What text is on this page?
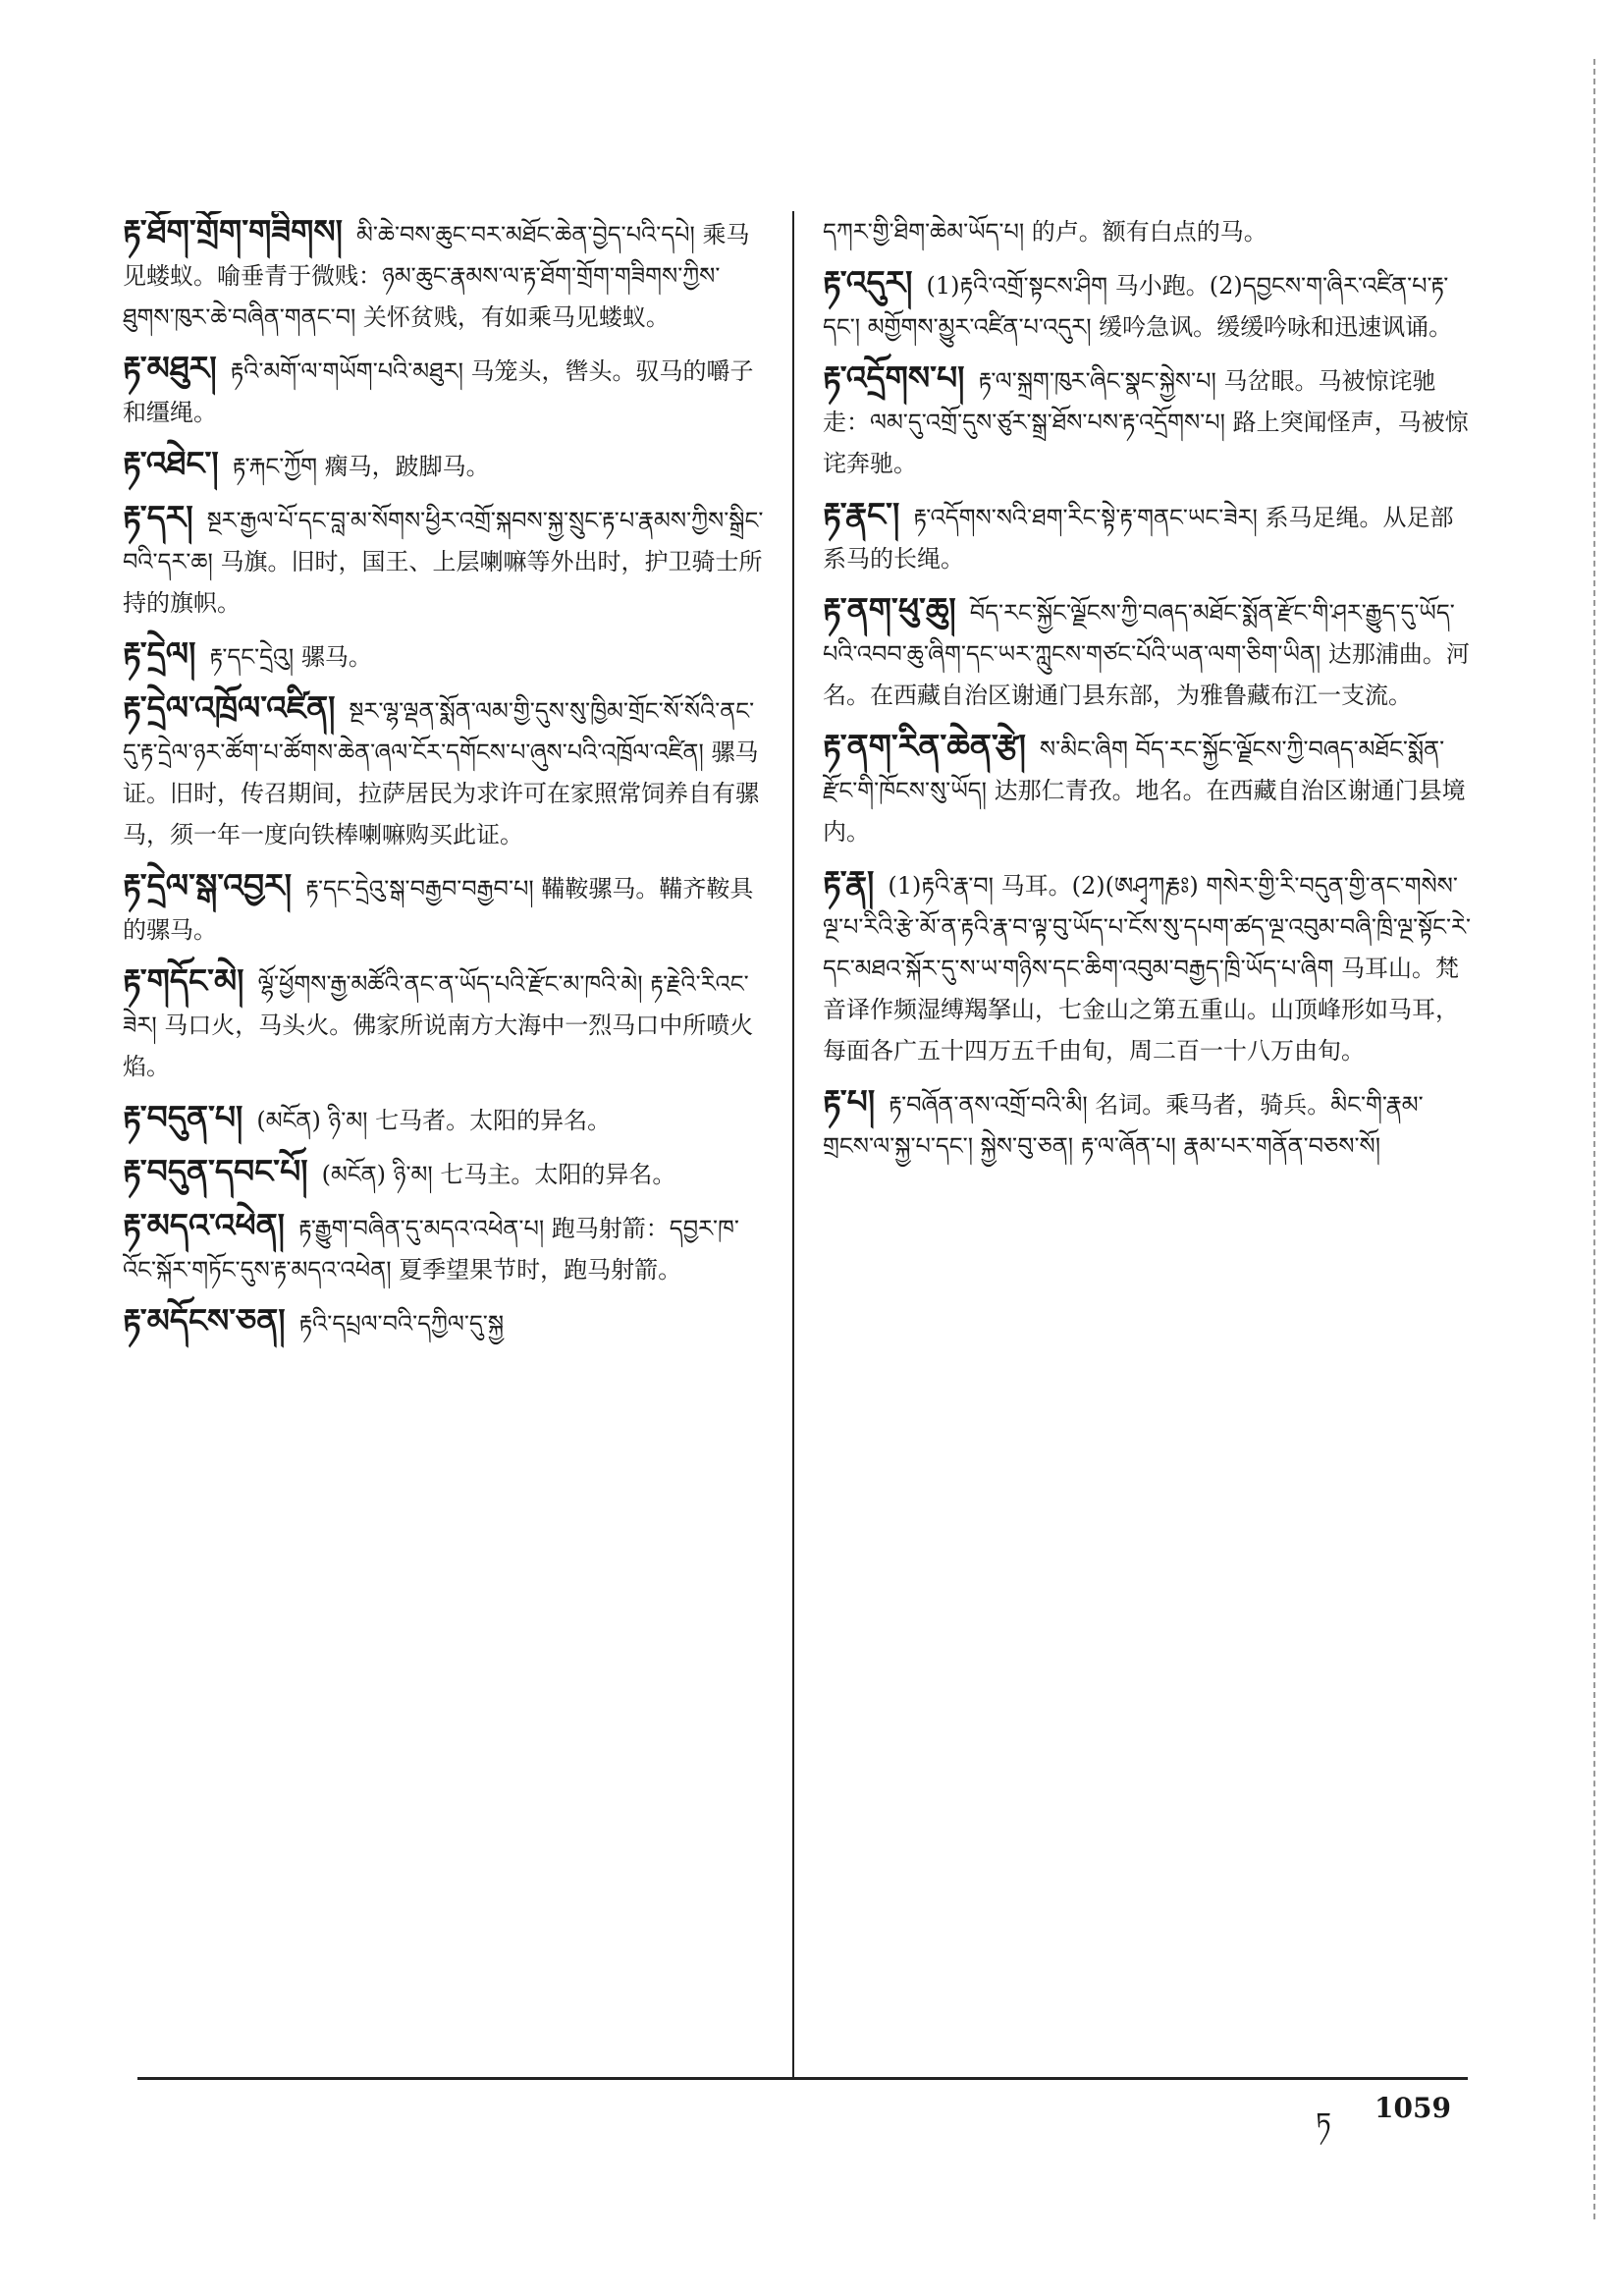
རྟ་ཐོག་གྲོག་གཟིགས། མི་ཆེ་བས་ཆུང་བར་མཐོང་ཆེན་བྱེད་པའི་དཔེ། 乘马见蝼蚁。喻垂青于微贱：ཉམ་ཆུང་རྣམས་ལ་རྟ་ཐོག་གྲོག་གཟིགས་ཀྱིས་ཐུགས་ཁུར་ཆེ་བཞིན་གནང་བ། 关怀贫贱，有如乘马见蝼蚁。
རྟ་མཐུར། རྟའི་མགོ་ལ་གཡོག་པའི་མཐུར། 马笼头，辔头。驭马的嚼子和缰绳。
རྟ་འཐེང་། རྟ་རྐང་ཀྱོག 瘸马，跛脚马。
རྟ་དར། སྔར་རྒྱལ་པོ་དང་བླ་མ་སོགས་ཕྱིར་འགྲོ་སྐབས་སྐྱ་སྲུང་རྟ་པ་རྣམས་ཀྱིས་སྒྲིང་བའི་དར་ཆ། 马旗。旧时，国王、上层喇嘛等外出时，护卫骑士所持的旗帜。
རྟ་དྲེལ། རྟ་དང་དྲེའུ། 骡马。
རྟ་དྲེལ་འཁྲོལ་འཛིན། སྔར་ལྷ་ལྡན་སྨོན་ལམ་གྱི་དུས་སུ་ཁྱིམ་གྲོང་སོ་སོའི་ནང་དུ་རྟ་དྲེལ་ཉར་ཚོག་པ་ཚོགས་ཆེན་ཞལ་ངོར་དགོངས་པ་ཞུས་པའི་འཁྲོལ་འཛིན། 骡马证。旧时，传召期间，拉萨居民为求许可在家照常饲养自有骡马，须一年一度向铁棒喇嘛购买此证。
རྟ་དྲེལ་སྒ་འབྱར། རྟ་དང་དྲེའུ་སྒ་བརྒྱབ་བརྒྱབ་པ། 鞴鞍骡马。鞴齐鞍具的骡马。
རྟ་གདོང་མེ། ལྷོ་ཕྱོགས་རྒྱ་མཚོའི་ནང་ན་ཡོད་པའི་རྫོང་མ་ཁའི་མེ། རྟ་རྗེའི་རིའང་ཟེར། 马口火，马头火。佛家所说南方大海中一烈马口中所喷火焰。
རྟ་བདུན་པ། (མངོན) ཉི་མ། 七马者。太阳的异名。
རྟ་བདུན་དབང་པོ། (མངོན) ཉི་མ། 七马主。太阳的异名。
རྟ་མདའ་འཕེན། རྟ་རྒྱུག་བཞིན་དུ་མདའ་འཕེན་པ། 跑马射箭：དབྱར་ཁ་འོང་སྐོར་གཏོང་དུས་རྟ་མདའ་འཕེན། 夏季望果节时，跑马射箭。
རྟ་མདོངས་ཅན། རྟའི་དཔྲལ་བའི་དཀྱིལ་དུ་སྐྱ
དཀར་གྱི་ཐིག་ཆེམ་ཡོད་པ། 的卢。额有白点的马。
རྟ་འདུར། (1)རྟའི་འགྲོ་སྟངས་ཤིག 马小跑。(2)དབྱངས་ག་ཞིར་འཛིན་པ་རྟ་དང་། མགྱོགས་མྱུར་འཛིན་པ་འདུར། 缓吟急讽。缓缓吟咏和迅速讽诵。
རྟ་འདྲོགས་པ། རྟ་ལ་སྐྲག་ཁུར་ཞིང་སྣང་སྐྱེས་པ། 马岔眼。马被惊诧驰走：ལམ་དུ་འགྲོ་དུས་ཙུར་སྒྲ་ཐོས་པས་རྟ་འདྲོགས་པ། 路上突闻怪声，马被惊诧奔驰。
རྟ་རྣང་། རྟ་འདོགས་སའི་ཐག་རིང་སྟེ་རྟ་གནང་ཡང་ཟེར། 系马足绳。从足部系马的长绳。
རྟ་ནག་ཕུ་ཆུ། བོད་རང་སྐྱོང་ལྗོངས་ཀྱི་བཞད་མཐོང་སྨོན་རྫོང་གི་ཤར་རྒྱུད་དུ་ཡོད་པའི་འབབ་ཆུ་ཞིག་དང་ཡར་ཀླུངས་གཙང་པོའི་ཡན་ལག་ཅིག་ཡིན། 达那浦曲。河名。在西藏自治区谢通门县东部，为雅鲁藏布江一支流。
རྟ་ནག་རིན་ཆེན་རྩེ། ས་མིང་ཞིག བོད་རང་སྐྱོང་ལྗོངས་ཀྱི་བཞད་མཐོང་སྨོན་རྫོང་གི་ཁོངས་སུ་ཡོད། 达那仁青孜。地名。在西藏自治区谢通门县境内。
རྟ་རྣ། (1)རྟའི་རྣ་བ། 马耳。(2)(ཨཤྭཀརྞཿ) གསེར་གྱི་རི་བདུན་གྱི་ནང་གསེས་ལྔ་པ་རིའི་རྩེ་མོ་ན་རྟའི་རྣ་བ་ལྟ་བུ་ཡོད་པ་ངོས་སུ་དཔག་ཚད་ལྔ་འབུམ་བཞི་ཁྲི་ལྔ་སྟོང་རེ་དང་མཐའ་སྐོར་དུ་ས་ཡ་གཉིས་དང་ཆིག་འབུམ་བརྒྱད་ཁྲི་ཡོད་པ་ཞིག 马耳山。梵音译作频湿缚羯拏山，七金山之第五重山。山顶峰形如马耳，每面各广五十四万五千由旬，周二百一十八万由旬。
རྟ་པ། རྟ་བཞོན་ནས་འགྲོ་བའི་མི། 名词。乘马者，骑兵。མིང་གི་རྣམ་གྲངས་ལ་སྐྱ་པ་དང་། སྐྱེས་བུ་ཅན། རྟ་ལ་ཞོན་པ། རྣམ་པར་གནོན་བཅས་སོ།
ཏ 1059
